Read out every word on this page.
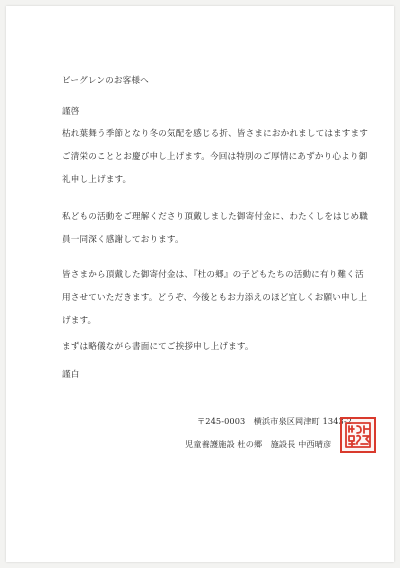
ビーグレンのお客様へ
謹啓
枯れ葉舞う季節となり冬の気配を感じる折、皆さまにおかれましてはますます
ご清栄のこととお慶び申し上げます。今回は特別のご厚情にあずかり心より御
礼申し上げます。
私どもの活動をご理解くださり頂戴しました御寄付金に、わたくしをはじめ職
員一同深く感謝しております。
皆さまから頂戴した御寄付金は、『杜の郷』の子どもたちの活動に有り難く活
用させていただきます。どうぞ、今後ともお力添えのほど宜しくお願い申し上
げます。
まずは略儀ながら書面にてご挨拶申し上げます。
謹白
〒245-0003　横浜市泉区岡津町 1343-2
児童養護施設 杜の郷　施設長 中西晴彦
